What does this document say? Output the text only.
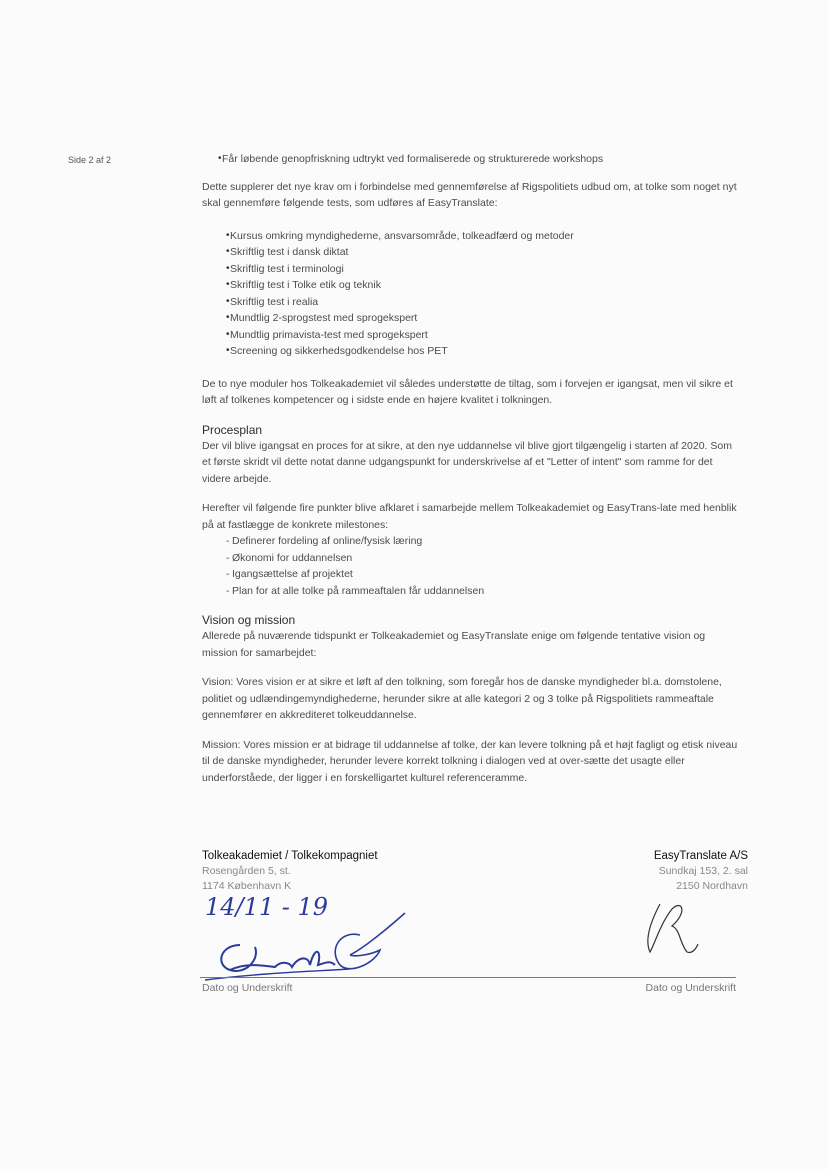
Side 2 af 2
•	Får løbende genopfriskning udtrykt ved formaliserede og strukturerede workshops

Dette supplerer det nye krav om i forbindelse med gennemførelse af Rigspolitiets udbud om, at tolke som noget nyt skal gennemføre følgende tests, som udføres af EasyTranslate:

• Kursus omkring myndighederne, ansvarsområde, tolkeadfærd og metoder
• Skriftlig test i dansk diktat
• Skriftlig test i terminologi
• Skriftlig test i Tolke etik og teknik
• Skriftlig test i realia
• Mundtlig 2-sprogstest med sprogekspert
• Mundtlig primavista-test med sprogekspert
• Screening og sikkerhedsgodkendelse hos PET

De to nye moduler hos Tolkeakademiet vil således understøtte de tiltag, som i forvejen er igangsat, men vil sikre et løft af tolkenes kompetencer og i sidste ende en højere kvalitet i tolkningen.

Procesplan

Der vil blive igangsat en proces for at sikre, at den nye uddannelse vil blive gjort tilgængelig i starten af 2020. Som et første skridt vil dette notat danne udgangspunkt for underskrivelse af et "Letter of intent" som ramme for det videre arbejde.

Herefter vil følgende fire punkter blive afklaret i samarbejde mellem Tolkeakademiet og EasyTrans-late med henblik på at fastlægge de konkrete milestones:

- Definerer fordeling af online/fysisk læring
- Økonomi for uddannelsen
- Igangsættelse af projektet
- Plan for at alle tolke på rammeaftalen får uddannelsen
Vision og mission

Allerede på nuværende tidspunkt er Tolkeakademiet og EasyTranslate enige om følgende tentative vision og mission for samarbejdet:

Vision: Vores vision er at sikre et løft af den tolkning, som foregår hos de danske myndigheder bl.a. domstolene, politiet og udlændingemyndighederne, herunder sikre at alle kategori 2 og 3 tolke på Rigspolitiets rammeaftale gennemfører en akkrediteret tolkeuddannelse.

Mission: Vores mission er at bidrage til uddannelse af tolke, der kan levere tolkning på et højt fagligt og etisk niveau til de danske myndigheder, herunder levere korrekt tolkning i dialogen ved at over-sætte det usagte eller underforståede, der ligger i en forskelligartet kulturel referenceramme.

Tolkeakademiet / Tolkekompagniet
Rosengården 5, st.
1174 København K
14/11 - 19
EasyTranslate A/S
Sundkaj 153, 2. sal
2150 Nordhavn
Dato og Underskrift	Dato og Underskrift
